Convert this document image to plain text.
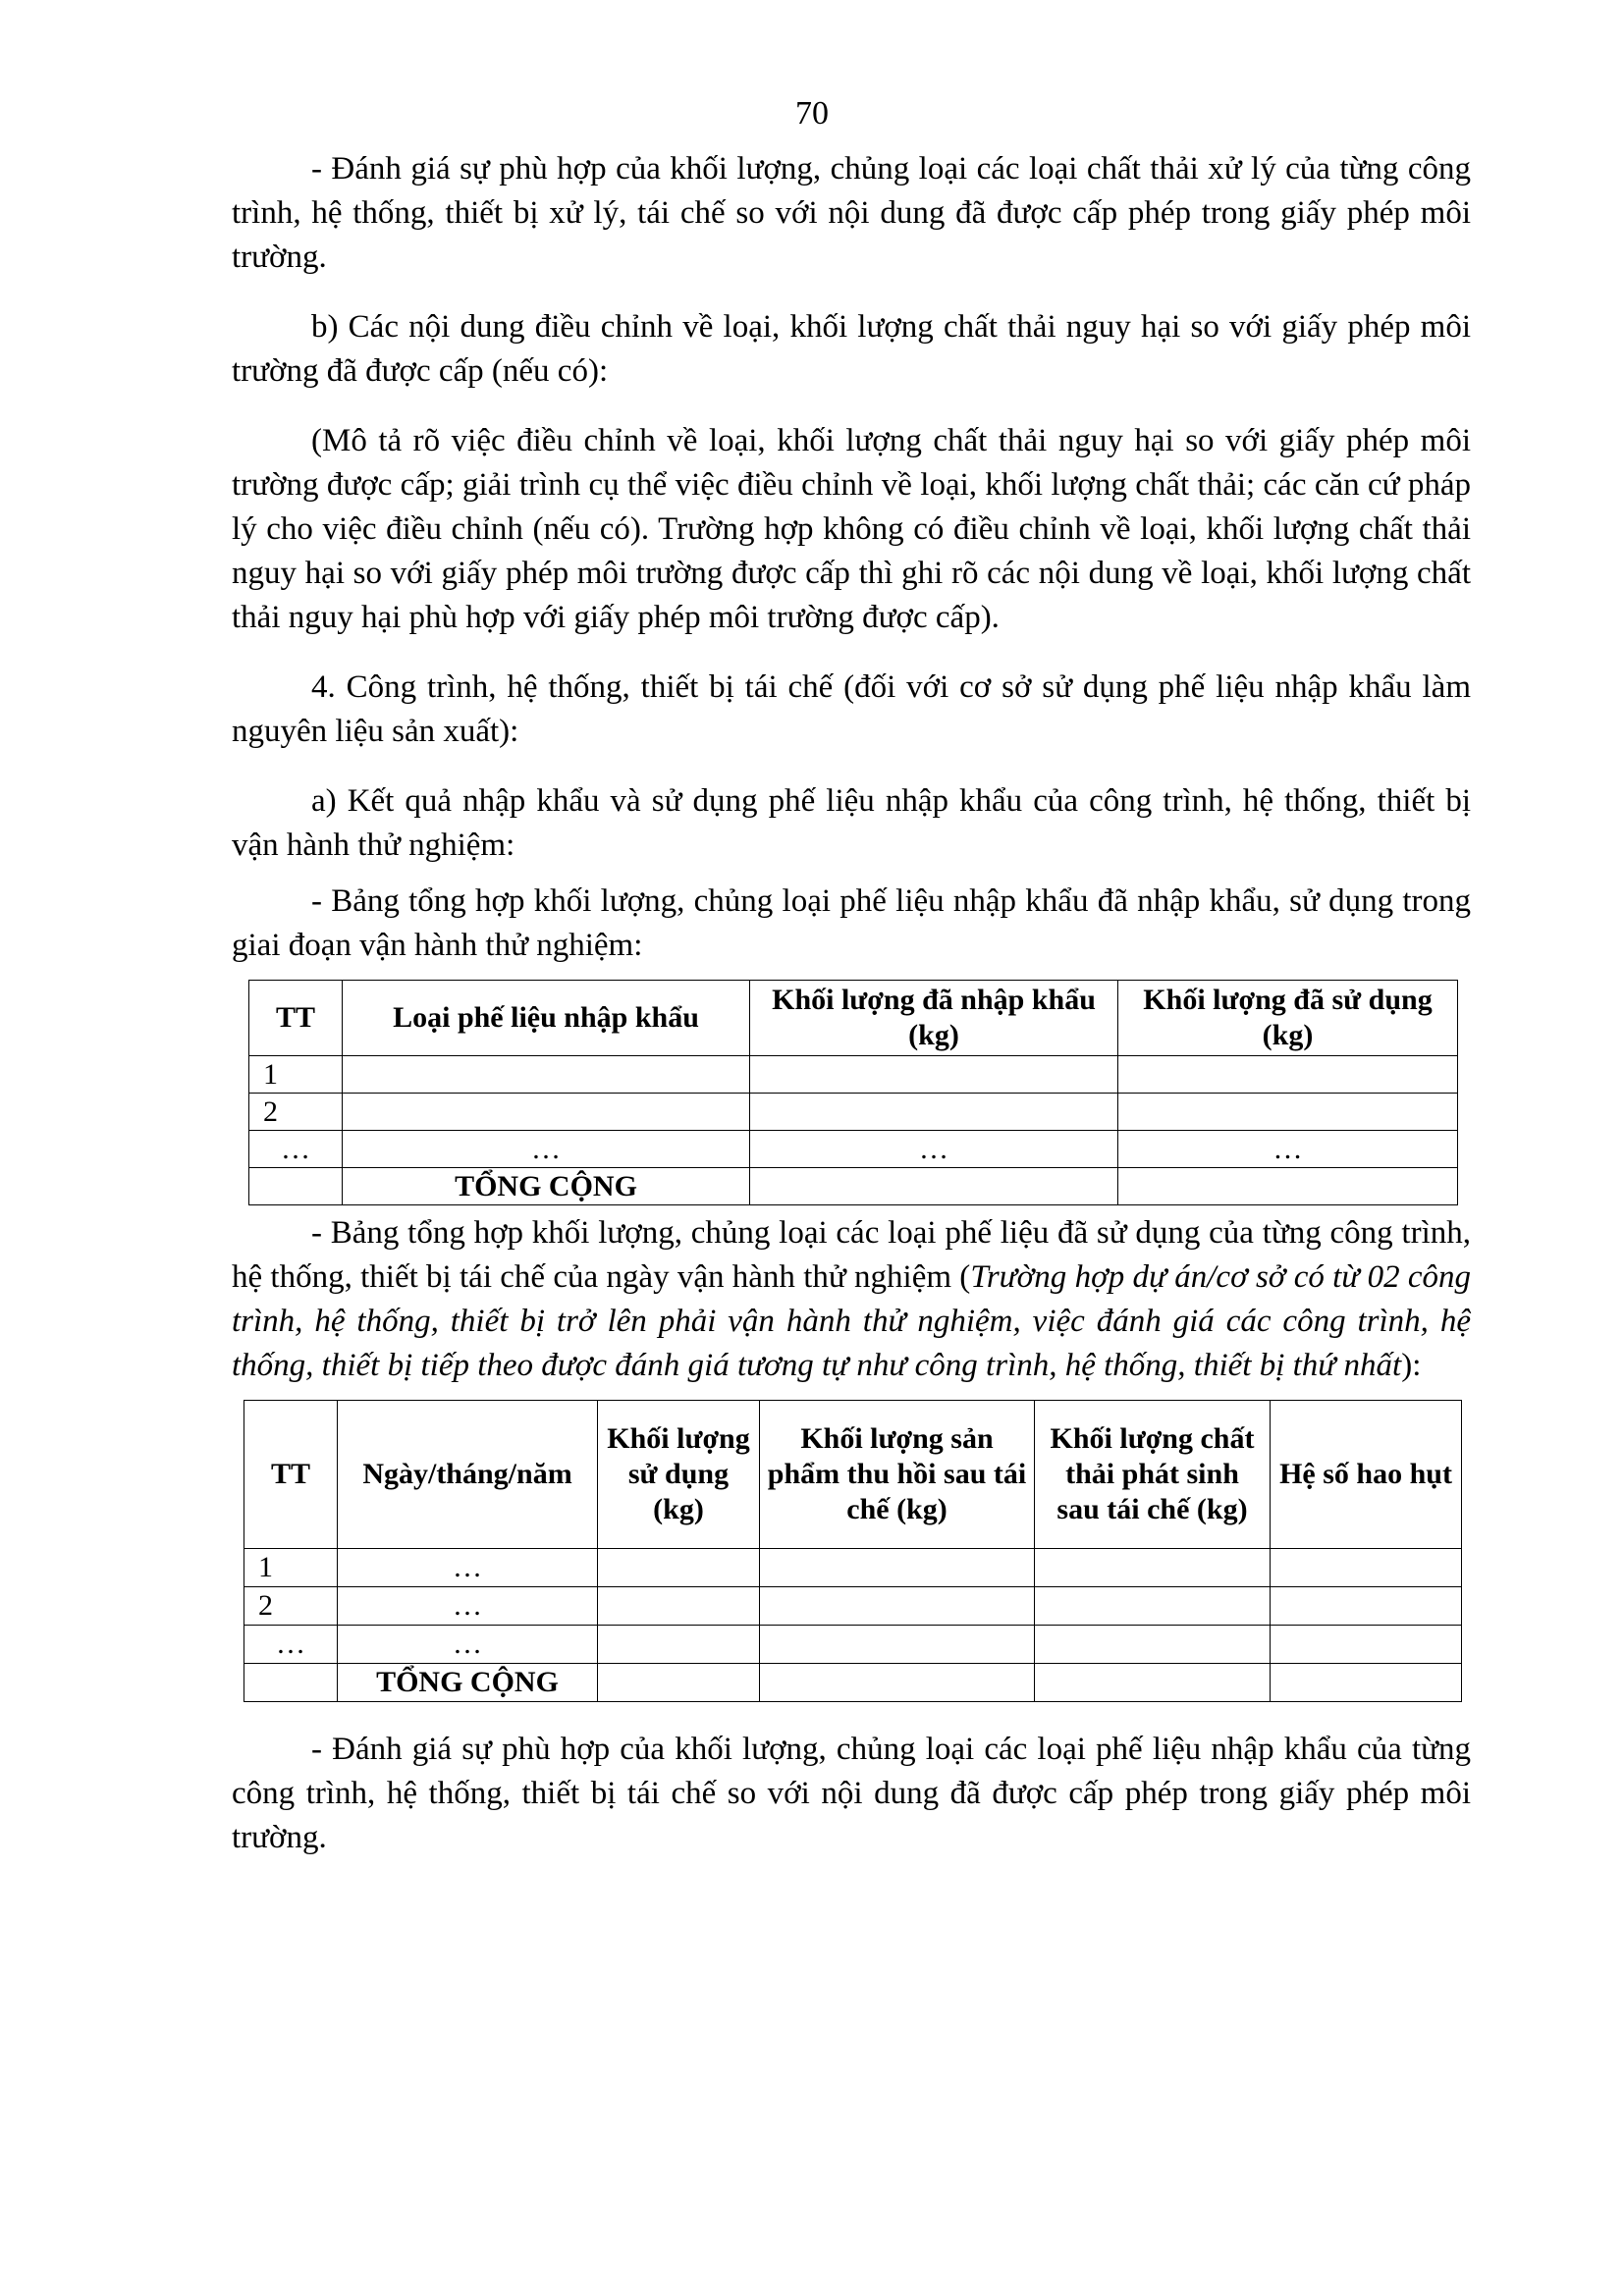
70

- Đánh giá sự phù hợp của khối lượng, chủng loại các loại chất thải xử lý của từng công trình, hệ thống, thiết bị xử lý, tái chế so với nội dung đã được cấp phép trong giấy phép môi trường.

b) Các nội dung điều chỉnh về loại, khối lượng chất thải nguy hại so với giấy phép môi trường đã được cấp (nếu có):

(Mô tả rõ việc điều chỉnh về loại, khối lượng chất thải nguy hại so với giấy phép môi trường được cấp; giải trình cụ thể việc điều chỉnh về loại, khối lượng chất thải; các căn cứ pháp lý cho việc điều chỉnh (nếu có). Trường hợp không có điều chỉnh về loại, khối lượng chất thải nguy hại so với giấy phép môi trường được cấp thì ghi rõ các nội dung về loại, khối lượng chất thải nguy hại phù hợp với giấy phép môi trường được cấp).

4. Công trình, hệ thống, thiết bị tái chế (đối với cơ sở sử dụng phế liệu nhập khẩu làm nguyên liệu sản xuất):

a) Kết quả nhập khẩu và sử dụng phế liệu nhập khẩu của công trình, hệ thống, thiết bị vận hành thử nghiệm:

- Bảng tổng hợp khối lượng, chủng loại phế liệu nhập khẩu đã nhập khẩu, sử dụng trong giai đoạn vận hành thử nghiệm:

TT	Loại phế liệu nhập khẩu	Khối lượng đã nhập khẩu (kg)	Khối lượng đã sử dụng (kg)
1			
2			
…	…	…	…
	TỔNG CỘNG		

- Bảng tổng hợp khối lượng, chủng loại các loại phế liệu đã sử dụng của từng công trình, hệ thống, thiết bị tái chế của ngày vận hành thử nghiệm (Trường hợp dự án/cơ sở có từ 02 công trình, hệ thống, thiết bị trở lên phải vận hành thử nghiệm, việc đánh giá các công trình, hệ thống, thiết bị tiếp theo được đánh giá tương tự như công trình, hệ thống, thiết bị thứ nhất):

TT	Ngày/tháng/năm	Khối lượng sử dụng (kg)	Khối lượng sản phẩm thu hồi sau tái chế (kg)	Khối lượng chất thải phát sinh sau tái chế (kg)	Hệ số hao hụt
1	…				
2	…				
…	…				
	TỔNG CỘNG				

- Đánh giá sự phù hợp của khối lượng, chủng loại các loại phế liệu nhập khẩu của từng công trình, hệ thống, thiết bị tái chế so với nội dung đã được cấp phép trong giấy phép môi trường.
